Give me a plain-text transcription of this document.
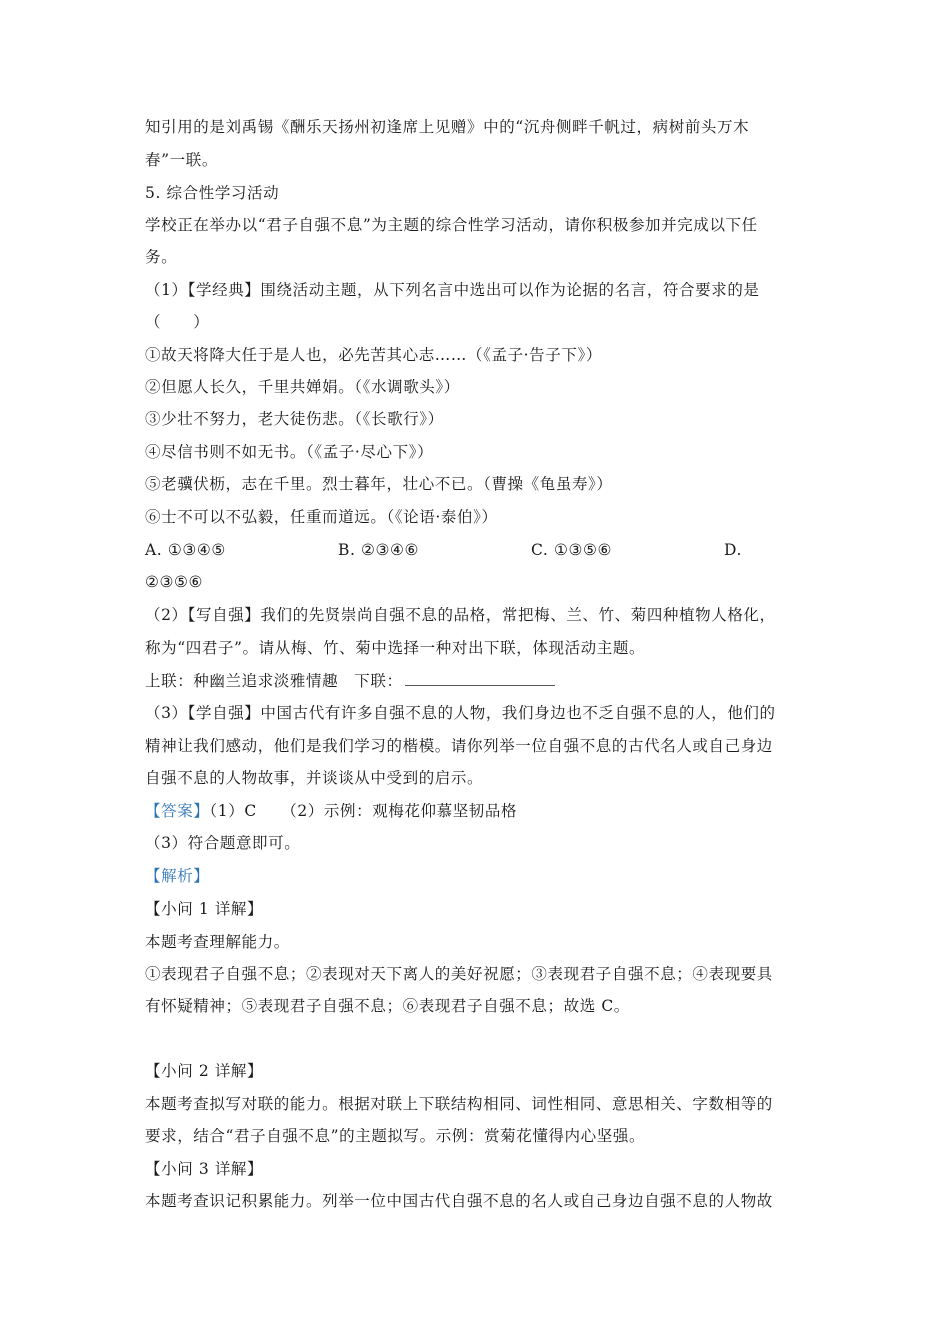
知引用的是刘禹锡《酬乐天扬州初逢席上见赠》中的“沉舟侧畔千帆过，病树前头万木
春”一联。
5. 综合性学习活动
学校正在举办以“君子自强不息”为主题的综合性学习活动，请你积极参加并完成以下任
务。
（1）【学经典】围绕活动主题，从下列名言中选出可以作为论据的名言，符合要求的是
（　　）
①故天将降大任于是人也，必先苦其心志……（《孟子·告子下》）
②但愿人长久，千里共婵娟。（《水调歌头》）
③少壮不努力，老大徒伤悲。（《长歌行》）
④尽信书则不如无书。（《孟子·尽心下》）
⑤老骥伏枥，志在千里。烈士暮年，壮心不已。（曹操《龟虽寿》）
⑥士不可以不弘毅，任重而道远。（《论语·泰伯》）
A. ①③④⑤	B. ②③④⑥	C. ①③⑤⑥	D.
②③⑤⑥
（2）【写自强】我们的先贤崇尚自强不息的品格，常把梅、兰、竹、菊四种植物人格化，
称为“四君子”。请从梅、竹、菊中选择一种对出下联，体现活动主题。
上联：种幽兰追求淡雅情趣　下联：
（3）【学自强】中国古代有许多自强不息的人物，我们身边也不乏自强不息的人，他们的
精神让我们感动，他们是我们学习的楷模。请你列举一位自强不息的古代名人或自己身边
自强不息的人物故事，并谈谈从中受到的启示。
【答案】（1）C　　（2）示例：观梅花仰慕坚韧品格
（3）符合题意即可。
【解析】
【小问 1 详解】
本题考查理解能力。
①表现君子自强不息；②表现对天下离人的美好祝愿；③表现君子自强不息；④表现要具
有怀疑精神；⑤表现君子自强不息；⑥表现君子自强不息；故选 C。
【小问 2 详解】
本题考查拟写对联的能力。根据对联上下联结构相同、词性相同、意思相关、字数相等的
要求，结合“君子自强不息”的主题拟写。示例：赏菊花懂得内心坚强。
【小问 3 详解】
本题考查识记积累能力。列举一位中国古代自强不息的名人或自己身边自强不息的人物故
